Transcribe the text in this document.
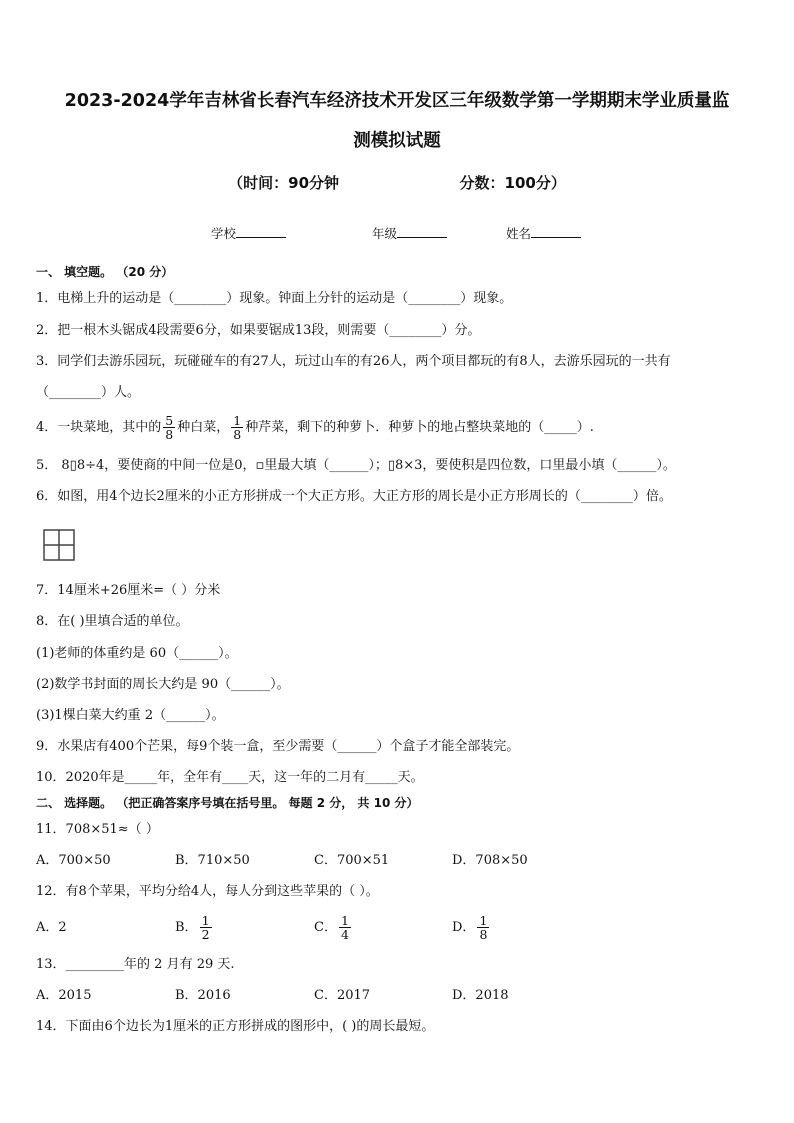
2023-2024学年吉林省长春汽车经济技术开发区三年级数学第一学期期末学业质量监
测模拟试题
（时间：90分钟	分数：100分）
学校	年级	姓名
一、 填空题。 （20 分）
1．电梯上升的运动是（________）现象。钟面上分针的运动是（________）现象。
2．把一根木头锯成4段需要6分，如果要锯成13段，则需要（________）分。
3．同学们去游乐园玩，玩碰碰车的有27人，玩过山车的有26人，两个项目都玩的有8人，去游乐园玩的一共有
（________）人。
4．一块菜地，其中的 $\frac{5}{8}$ 种白菜， $\frac{1}{8}$ 种芹菜，剩下的种萝卜．种萝卜的地占整块菜地的（_____）.
5． 8▯8÷4，要使商的中间一位是0，▫里最大填（______）；▯8×3，要使积是四位数，口里最小填（______）。
6．如图，用4个边长2厘米的小正方形拼成一个大正方形。大正方形的周长是小正方形周长的（________）倍。
7．14厘米+26厘米=（ ）分米
8．在( )里填合适的单位。
(1)老师的体重约是 60（______）。
(2)数学书封面的周长大约是 90（______）。
(3)1棵白菜大约重 2（______）。
9．水果店有400个芒果，每9个装一盒，至少需要（______）个盒子才能全部装完。
10．2020年是_____年，全年有____天，这一年的二月有_____天。
二、 选择题。 （把正确答案序号填在括号里。 每题 2 分， 共 10 分）
11．708×51≈（ ）
A．700×50	B．710×50	C．700×51	D．708×50
12．有8个苹果，平均分给4人，每人分到这些苹果的（ ）。
A．2	B． $\frac{1}{2}$	C． $\frac{1}{4}$	D． $\frac{1}{8}$
13．_________年的 2 月有 29 天.
A．2015	B．2016	C．2017	D．2018
14．下面由6个边长为1厘米的正方形拼成的图形中，( )的周长最短。
